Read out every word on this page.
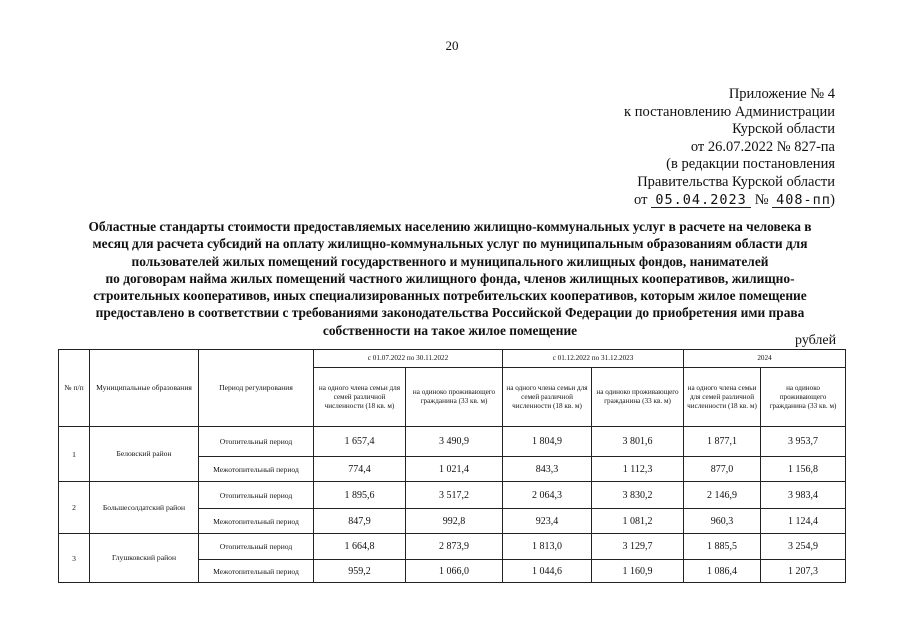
20
Приложение № 4
к постановлению Администрации
Курской области
от 26.07.2022 № 827-па
(в редакции постановления
Правительства Курской области
от 05.04.2023 № 408-пп)
Областные стандарты стоимости предоставляемых населению жилищно-коммунальных услуг в расчете на человека в
месяц для расчета субсидий на оплату жилищно-коммунальных услуг по муниципальным образованиям области для
пользователей жилых помещений государственного и муниципального жилищных фондов, нанимателей
по договорам найма жилых помещений частного жилищного фонда, членов жилищных кооперативов, жилищно-
строительных кооперативов, иных специализированных потребительских кооперативов, которым жилое помещение
предоставлено в соответствии с требованиями законодательства Российской Федерации до приобретения ими права
собственности на такое жилое помещение
рублей
№ п/п	Муниципальные образования	Период регулирования	с 01.07.2022 по 30.11.2022		с 01.12.2022 по 31.12.2023		2024	
			на одного члена семьи для семей различной численности (18 кв. м)	на одиноко проживающего гражданина (33 кв. м)	на одного члена семьи для семей различной численности (18 кв. м)	на одиноко проживающего гражданина (33 кв. м)	на одного члена семьи для семей различной численности (18 кв. м)	на одиноко проживающего гражданина (33 кв. м)
1	Беловский район	Отопительный период	1 657,4	3 490,9	1 804,9	3 801,6	1 877,1	3 953,7
		Межотопительный период	774,4	1 021,4	843,3	1 112,3	877,0	1 156,8
2	Большесолдатский район	Отопительный период	1 895,6	3 517,2	2 064,3	3 830,2	2 146,9	3 983,4
		Межотопительный период	847,9	992,8	923,4	1 081,2	960,3	1 124,4
3	Глушковский район	Отопительный период	1 664,8	2 873,9	1 813,0	3 129,7	1 885,5	3 254,9
		Межотопительный период	959,2	1 066,0	1 044,6	1 160,9	1 086,4	1 207,3
